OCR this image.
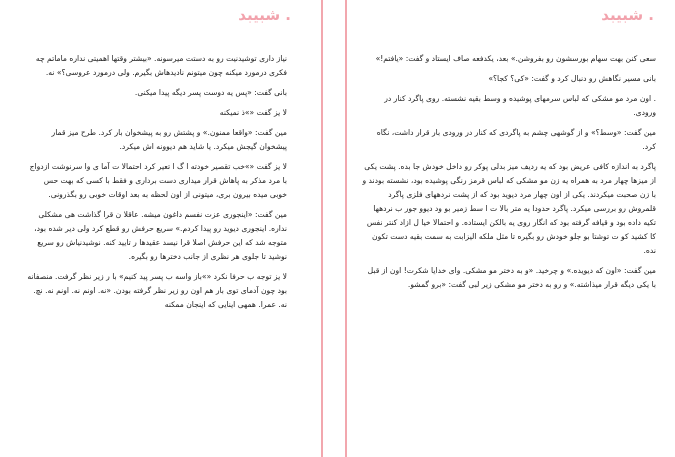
. شبیبد

نیاز داری توشیدنیت رو به دستت میرسونه. «بیشتر وقتها اهمیتی نداره ماماتم چه فکری درمورد میکنه چون میتونم نادیدهاش بگیرم. ولی درمورد عروسی؟» نه.

بانی گفت: «پس یه دوست پسر دیگه پیدا میکنی.

لا یز گفت «»ذ نمیکنه

مین گفت: «واقعا ممنون.» و پشتش رو به پیشخوان بار کرد. طرح میز قمار پیشخوان گیجش میکرد. یا شاید هم دیوونه اش میکرد.

لا یز گفت «»خب تقصیر خودته ا گ ا تعیر کرد احتمالا ت آما ی وا سرنوشت ازدواج با مرد مذکر به پاهاش قرار میداری دست برداری و فقط با کسی که بهت حس خوبی میده بیرون بری، میتونی از اون لحظه به بعد اوقات خوبی رو بگذرونی.

مین گفت: «اینجوری عزت نفسم داغون میشه. عاقلا ن قرا گذاشت هی مشکلی نداره. اینجوری دیوید رو پیدا کردم.» سریع حرفش رو قطع کرد ولی دیر شده بود، متوجه شد که این حرفش اصلا قرا نیسد عقیدها ر تایید کنه. نوشیدنیاش رو سریع نوشید تا جلوی هر نظری از جانب دخترها رو بگیره.

لا یز توجه ب حرفا نکرد «»باز واسه ب پسر پید کنیم» با ر زیر نظر گرفت. منصفانه بود چون آدمای توی بار هم اون رو زیر نظر گرفته بودن. «نه. اونم نه. اونم نه. نچ. نه. عمرا. همهی اینایی که اینجان ممکنه

. شبیبد

سعی کنن بهت سهام بورسشون رو بفروشن.» بعد، یکدفعه صاف ایستاد و گفت: «یافتم!»

بانی مسیر نگاهش رو دنبال کرد و گفت: «کی؟ کجا؟»

. اون مرد مو مشکی که لباس سرمهای پوشیده و وسط بقیه نشسته. روی پاگرد کنار در ورودی.

مین گفت: «وسط؟» و از گوشهی چشم به پاگردی که کنار در ورودی بار قرار داشت، نگاه کرد.

پاگرد به اندازه کافی عریض بود که یه ردیف میز بدلی پوکر رو داخل خودش جا بده. پشت یکی از میزها چهار مرد به همراه یه زن مو مشکی که لباس قرمز رنگی پوشیده بود، نشسته بودند و با زن صحبت میکردند. یکی از اون چهار مرد دیوید بود که از پشت نردههای فلزی پاگرد قلمروش رو بررسی میکرد. پاگرد حدودا یه متر بالا ت ا سط زمیر بو ود دیوو جور ب نردهها تکیه داده بود و قیافه گرفته بود که انگار روی یه بالکن ایستاده. و احتمالا خیا ل ازاد کنتر نفس کا کشید کو ت توشتا بو جلو خودش رو بگیره تا مثل ملکه الیزابت به سمت بقیه دست تکون نده.

مین گفت: «اون که دیویده.» و چرخید. «و به دختر مو مشکی. وای خدایا شکرت! اون از قبل با یکی دیگه قرار میذاشته.» و رو به دختر مو مشکی زیر لبی گفت: «برو گمشو.
